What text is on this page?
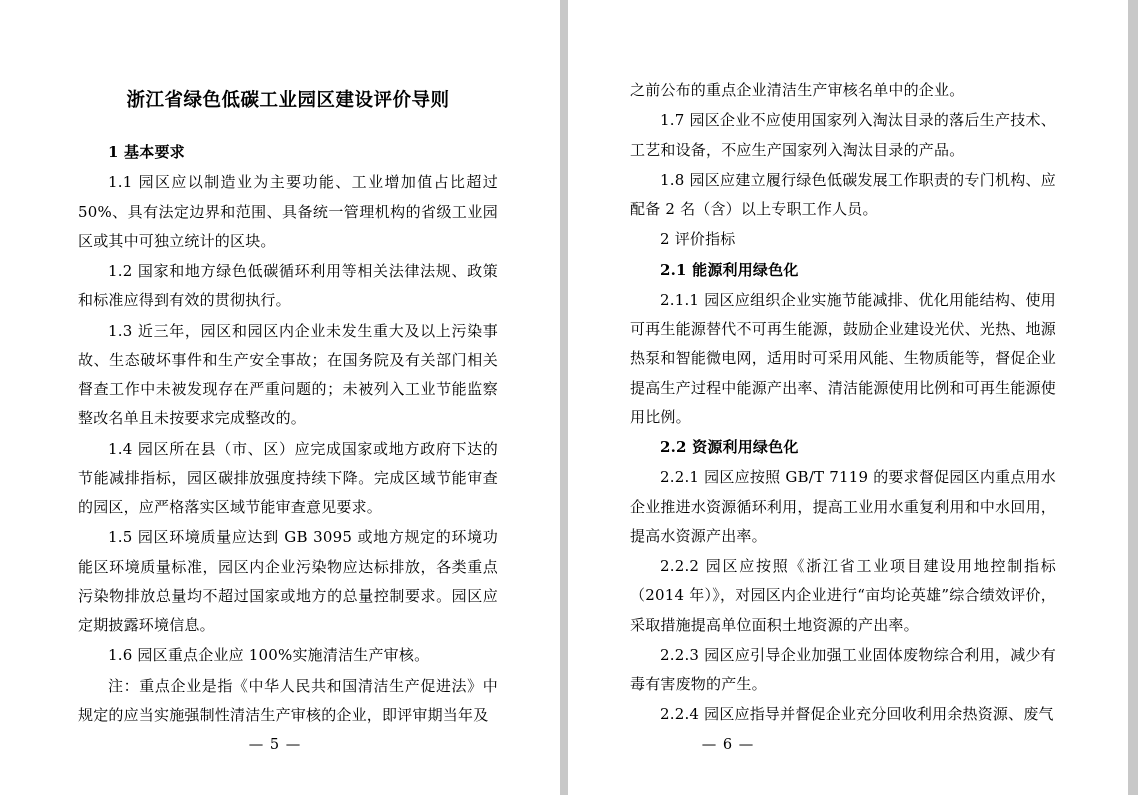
浙江省绿色低碳工业园区建设评价导则

1 基本要求

1.1 园区应以制造业为主要功能、工业增加值占比超过50%、具有法定边界和范围、具备统一管理机构的省级工业园区或其中可独立统计的区块。

1.2 国家和地方绿色低碳循环利用等相关法律法规、政策和标准应得到有效的贯彻执行。

1.3 近三年，园区和园区内企业未发生重大及以上污染事故、生态破坏事件和生产安全事故；在国务院及有关部门相关督查工作中未被发现存在严重问题的；未被列入工业节能监察整改名单且未按要求完成整改的。

1.4 园区所在县（市、区）应完成国家或地方政府下达的节能减排指标，园区碳排放强度持续下降。完成区域节能审查的园区，应严格落实区域节能审查意见要求。

1.5 园区环境质量应达到 GB 3095 或地方规定的环境功能区环境质量标准，园区内企业污染物应达标排放，各类重点污染物排放总量均不超过国家或地方的总量控制要求。园区应定期披露环境信息。

1.6 园区重点企业应 100%实施清洁生产审核。

注：重点企业是指《中华人民共和国清洁生产促进法》中规定的应当实施强制性清洁生产审核的企业，即评审期当年及

— 5 —

之前公布的重点企业清洁生产审核名单中的企业。

1.7 园区企业不应使用国家列入淘汰目录的落后生产技术、工艺和设备，不应生产国家列入淘汰目录的产品。

1.8 园区应建立履行绿色低碳发展工作职责的专门机构、应配备 2 名（含）以上专职工作人员。

2 评价指标

2.1 能源利用绿色化

2.1.1 园区应组织企业实施节能减排、优化用能结构、使用可再生能源替代不可再生能源，鼓励企业建设光伏、光热、地源热泵和智能微电网，适用时可采用风能、生物质能等，督促企业提高生产过程中能源产出率、清洁能源使用比例和可再生能源使用比例。

2.2 资源利用绿色化

2.2.1 园区应按照 GB/T 7119 的要求督促园区内重点用水企业推进水资源循环利用，提高工业用水重复利用和中水回用，提高水资源产出率。

2.2.2 园区应按照《浙江省工业项目建设用地控制指标（2014 年）》，对园区内企业进行“亩均论英雄”综合绩效评价，采取措施提高单位面积土地资源的产出率。

2.2.3 园区应引导企业加强工业固体废物综合利用，减少有毒有害废物的产生。

2.2.4 园区应指导并督促企业充分回收利用余热资源、废气

— 6 —
